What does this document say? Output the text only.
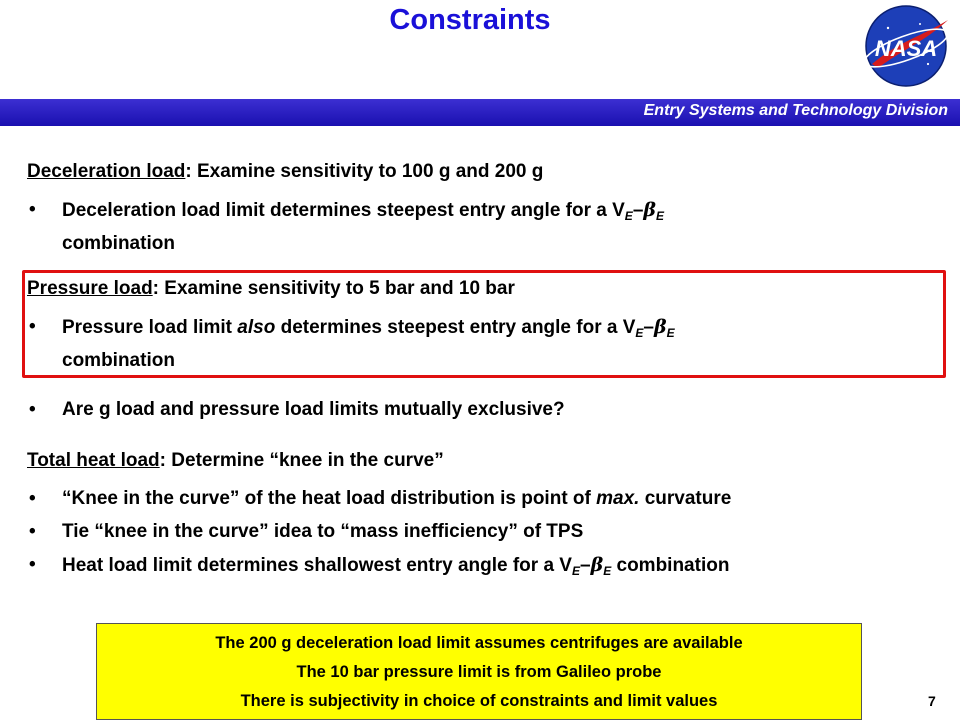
Constraints
NASA
Entry Systems and Technology Division
Deceleration load: Examine sensitivity to 100 g and 200 g
• Deceleration load limit determines steepest entry angle for a $V_E-\beta_E$
combination
Pressure load: Examine sensitivity to 5 bar and 10 bar
• Pressure load limit also determines steepest entry angle for a $V_E-\beta_E$
combination
• Are g load and pressure load limits mutually exclusive?
Total heat load: Determine “knee in the curve”
• “Knee in the curve” of the heat load distribution is point of max. curvature
• Tie “knee in the curve” idea to “mass inefficiency” of TPS
• Heat load limit determines shallowest entry angle for a $V_E-\beta_E$ combination
The 200 g deceleration load limit assumes centrifuges are available
The 10 bar pressure limit is from Galileo probe
There is subjectivity in choice of constraints and limit values	7
